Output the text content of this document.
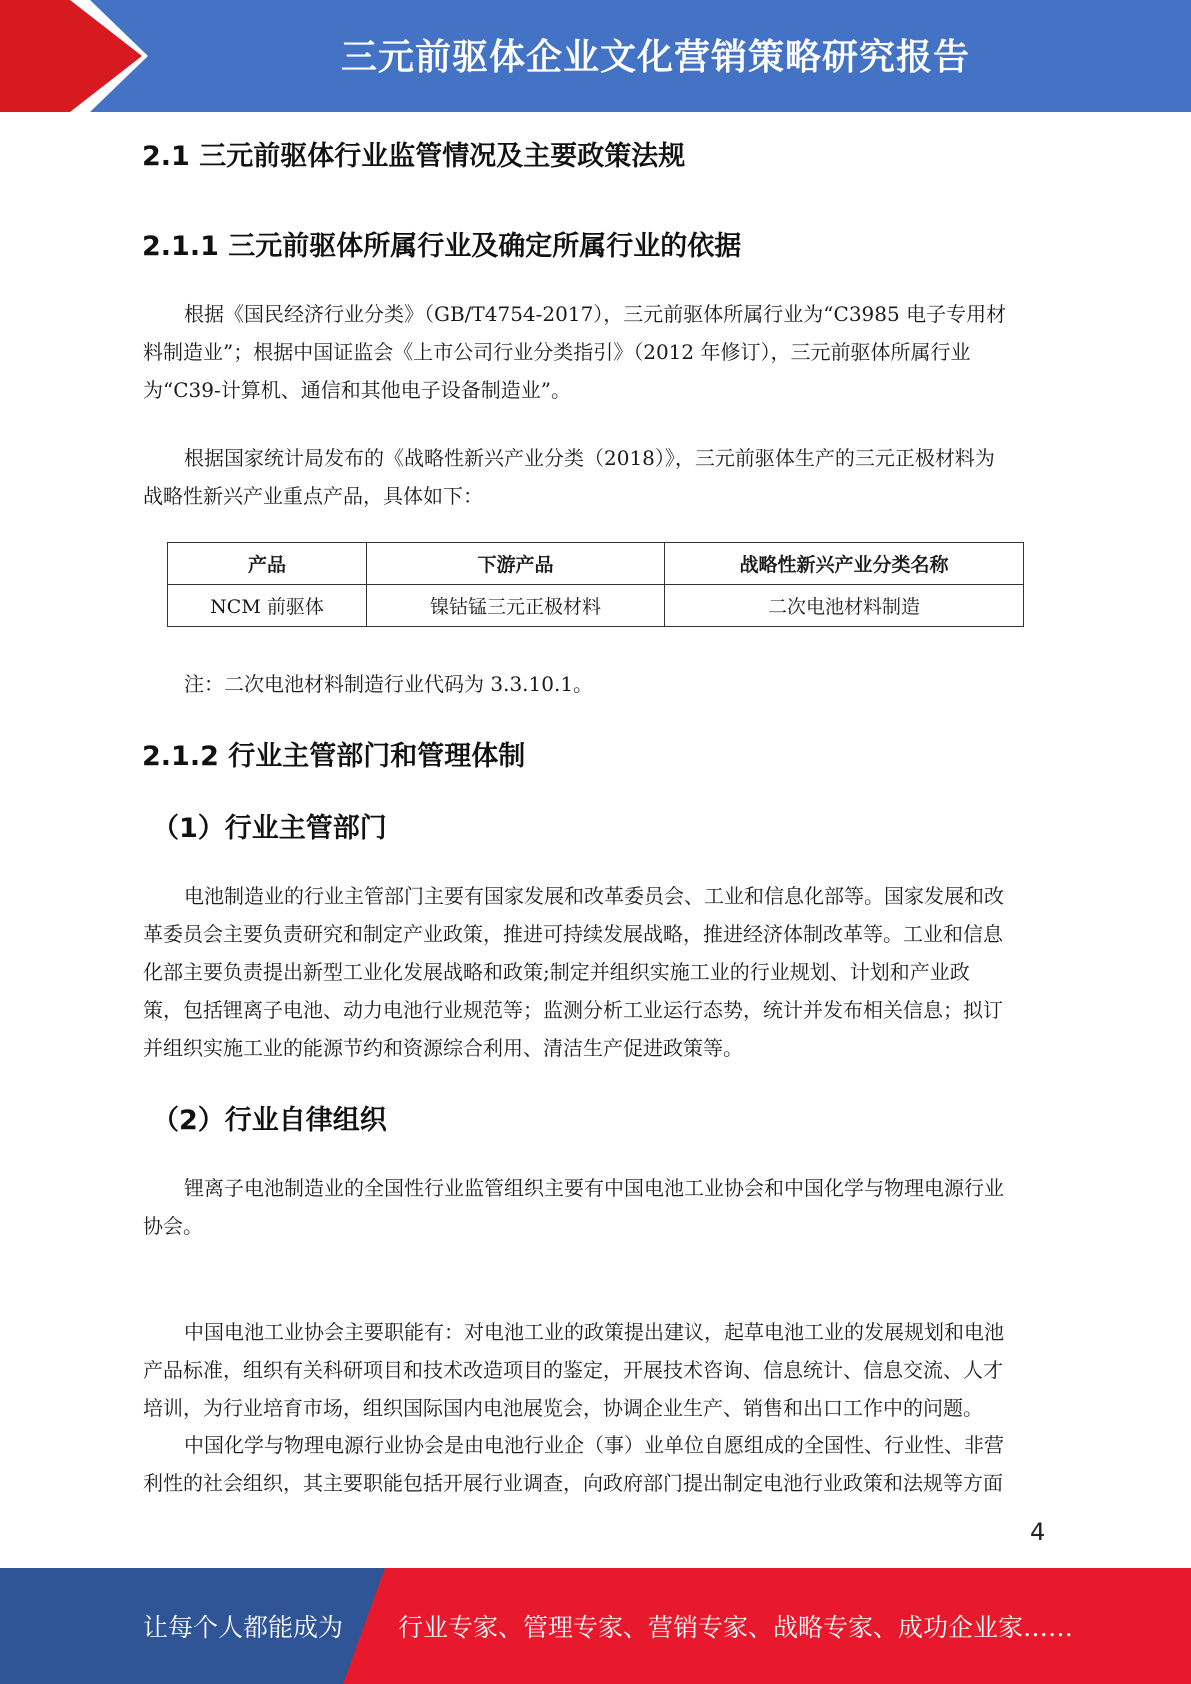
三元前驱体企业文化营销策略研究报告
2.1 三元前驱体行业监管情况及主要政策法规
2.1.1 三元前驱体所属行业及确定所属行业的依据
根据《国民经济行业分类》（GB/T4754-2017），三元前驱体所属行业为“C3985 电子专用材
料制造业”；根据中国证监会《上市公司行业分类指引》（2012 年修订），三元前驱体所属行业
为“C39-计算机、通信和其他电子设备制造业”。
根据国家统计局发布的《战略性新兴产业分类（2018）》，三元前驱体生产的三元正极材料为
战略性新兴产业重点产品，具体如下：
产品	下游产品	战略性新兴产业分类名称
NCM 前驱体	镍钴锰三元正极材料	二次电池材料制造
注：二次电池材料制造行业代码为 3.3.10.1。
2.1.2 行业主管部门和管理体制
（1）行业主管部门
电池制造业的行业主管部门主要有国家发展和改革委员会、工业和信息化部等。国家发展和改
革委员会主要负责研究和制定产业政策，推进可持续发展战略，推进经济体制改革等。工业和信息
化部主要负责提出新型工业化发展战略和政策;制定并组织实施工业的行业规划、计划和产业政
策，包括锂离子电池、动力电池行业规范等；监测分析工业运行态势，统计并发布相关信息；拟订
并组织实施工业的能源节约和资源综合利用、清洁生产促进政策等。
（2）行业自律组织
锂离子电池制造业的全国性行业监管组织主要有中国电池工业协会和中国化学与物理电源行业
协会。
中国电池工业协会主要职能有：对电池工业的政策提出建议，起草电池工业的发展规划和电池
产品标准，组织有关科研项目和技术改造项目的鉴定，开展技术咨询、信息统计、信息交流、人才
培训，为行业培育市场，组织国际国内电池展览会，协调企业生产、销售和出口工作中的问题。
中国化学与物理电源行业协会是由电池行业企（事）业单位自愿组成的全国性、行业性、非营
利性的社会组织，其主要职能包括开展行业调查，向政府部门提出制定电池行业政策和法规等方面
4
让每个人都能成为 行业专家、管理专家、营销专家、战略专家、成功企业家……
